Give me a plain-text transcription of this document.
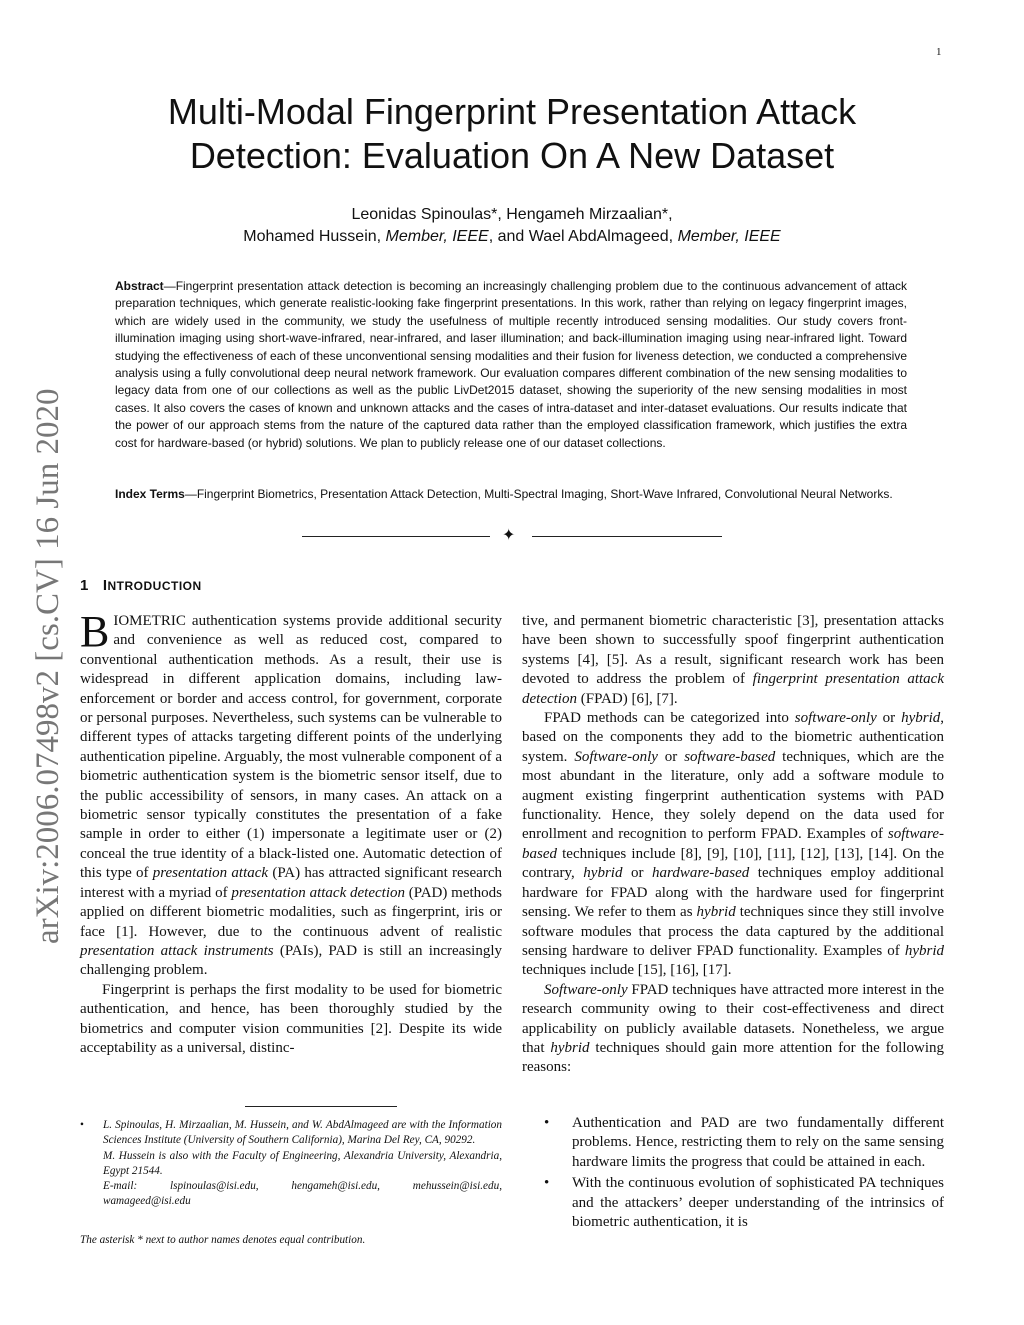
1
Multi-Modal Fingerprint Presentation Attack
Detection: Evaluation On A New Dataset
Leonidas Spinoulas*, Hengameh Mirzaalian*,
Mohamed Hussein, Member, IEEE, and Wael AbdAlmageed, Member, IEEE
Abstract—Fingerprint presentation attack detection is becoming an increasingly challenging problem due to the continuous advancement of attack preparation techniques, which generate realistic-looking fake fingerprint presentations. In this work, rather than relying on legacy fingerprint images, which are widely used in the community, we study the usefulness of multiple recently introduced sensing modalities. Our study covers front-illumination imaging using short-wave-infrared, near-infrared, and laser illumination; and back-illumination imaging using near-infrared light. Toward studying the effectiveness of each of these unconventional sensing modalities and their fusion for liveness detection, we conducted a comprehensive analysis using a fully convolutional deep neural network framework. Our evaluation compares different combination of the new sensing modalities to legacy data from one of our collections as well as the public LivDet2015 dataset, showing the superiority of the new sensing modalities in most cases. It also covers the cases of known and unknown attacks and the cases of intra-dataset and inter-dataset evaluations. Our results indicate that the power of our approach stems from the nature of the captured data rather than the employed classification framework, which justifies the extra cost for hardware-based (or hybrid) solutions. We plan to publicly release one of our dataset collections.
Index Terms—Fingerprint Biometrics, Presentation Attack Detection, Multi-Spectral Imaging, Short-Wave Infrared, Convolutional Neural Networks.
✦
arXiv:2006.07498v2 [cs.CV] 16 Jun 2020 1 INTRODUCTION

BIOMETRIC authentication systems provide additional security and convenience as well as reduced cost, compared to conventional authentication methods. As a result, their use is widespread in different application domains, including law-enforcement or border and access control, for government, corporate or personal purposes. Nevertheless, such systems can be vulnerable to different types of attacks targeting different points of the underlying authentication pipeline. Arguably, the most vulnerable component of a biometric authentication system is the biometric sensor itself, due to the public accessibility of sensors, in many cases. An attack on a biometric sensor typically constitutes the presentation of a fake sample in order to either (1) impersonate a legitimate user or (2) conceal the true identity of a black-listed one. Automatic detection of this type of presentation attack (PA) has attracted significant research interest with a myriad of presentation attack detection (PAD) methods applied on different biometric modalities, such as fingerprint, iris or face [1]. However, due to the continuous advent of realistic presentation attack instruments (PAIs), PAD is still an increasingly challenging problem.

Fingerprint is perhaps the first modality to be used for biometric authentication, and hence, has been thoroughly studied by the biometrics and computer vision communities [2]. Despite its wide acceptability as a universal, distinc-

tive, and permanent biometric characteristic [3], presentation attacks have been shown to successfully spoof fingerprint authentication systems [4], [5]. As a result, significant research work has been devoted to address the problem of fingerprint presentation attack detection (FPAD) [6], [7].

FPAD methods can be categorized into software-only or hybrid, based on the components they add to the biometric authentication system. Software-only or software-based techniques, which are the most abundant in the literature, only add a software module to augment existing fingerprint authentication systems with PAD functionality. Hence, they solely depend on the data used for enrollment and recognition to perform FPAD. Examples of software-based techniques include [8], [9], [10], [11], [12], [13], [14]. On the contrary, hybrid or hardware-based techniques employ additional hardware for FPAD along with the hardware used for fingerprint sensing. We refer to them as hybrid techniques since they still involve software modules that process the data captured by the additional sensing hardware to deliver FPAD functionality. Examples of hybrid techniques include [15], [16], [17].

Software-only FPAD techniques have attracted more interest in the research community owing to their cost-effectiveness and direct applicability on publicly available datasets. Nonetheless, we argue that hybrid techniques should gain more attention for the following reasons:

• L. Spinoulas, H. Mirzaalian, M. Hussein, and W. AbdAlmageed are with the Information Sciences Institute (University of Southern California), Marina Del Rey, CA, 90292.

M. Hussein is also with the Faculty of Engineering, Alexandria University, Alexandria, Egypt 21544.

E-mail: lspinoulas@isi.edu, hengameh@isi.edu, mehussein@isi.edu, wamageed@isi.edu

The asterisk * next to author names denotes equal contribution.
• Authentication and PAD are two fundamentally different problems. Hence, restricting them to rely on the same sensing hardware limits the progress that could be attained in each.
• With the continuous evolution of sophisticated PA techniques and the attackers’ deeper understanding of the intrinsics of biometric authentication, it is
